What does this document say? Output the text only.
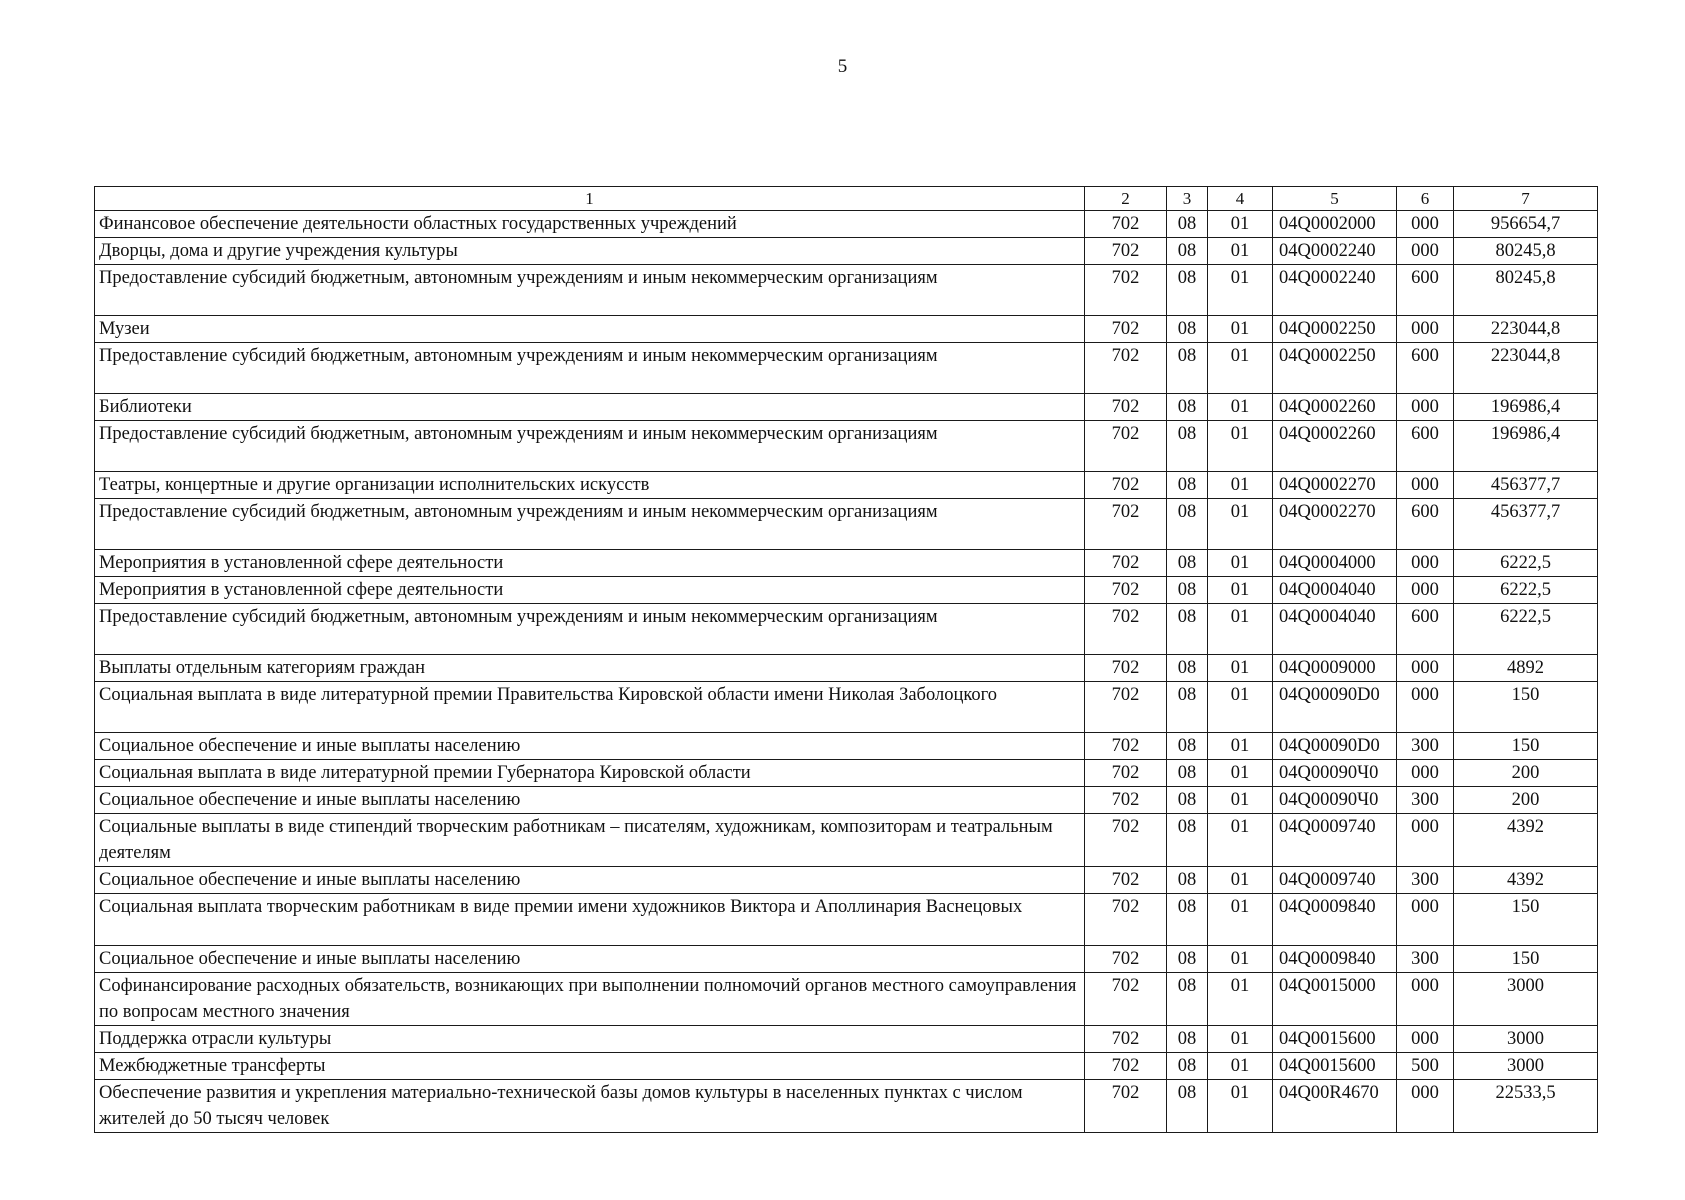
5
1	2	3	4	5	6	7
Финансовое обеспечение деятельности областных государственных учреждений	702	08	01	04Q0002000	000	956654,7
Дворцы, дома и другие учреждения культуры	702	08	01	04Q0002240	000	80245,8
Предоставление субсидий бюджетным, автономным учреждениям и иным некоммерческим организациям	702	08	01	04Q0002240	600	80245,8
Музеи	702	08	01	04Q0002250	000	223044,8
Предоставление субсидий бюджетным, автономным учреждениям и иным некоммерческим организациям	702	08	01	04Q0002250	600	223044,8
Библиотеки	702	08	01	04Q0002260	000	196986,4
Предоставление субсидий бюджетным, автономным учреждениям и иным некоммерческим организациям	702	08	01	04Q0002260	600	196986,4
Театры, концертные и другие организации исполнительских искусств	702	08	01	04Q0002270	000	456377,7
Предоставление субсидий бюджетным, автономным учреждениям и иным некоммерческим организациям	702	08	01	04Q0002270	600	456377,7
Мероприятия в установленной сфере деятельности	702	08	01	04Q0004000	000	6222,5
Мероприятия в установленной сфере деятельности	702	08	01	04Q0004040	000	6222,5
Предоставление субсидий бюджетным, автономным учреждениям и иным некоммерческим организациям	702	08	01	04Q0004040	600	6222,5
Выплаты отдельным категориям граждан	702	08	01	04Q0009000	000	4892
Социальная выплата в виде литературной премии Правительства Кировской области имени Николая Заболоцкого	702	08	01	04Q00090D0	000	150
Социальное обеспечение и иные выплаты населению	702	08	01	04Q00090D0	300	150
Социальная выплата в виде литературной премии Губернатора Кировской области	702	08	01	04Q00090Ч0	000	200
Социальное обеспечение и иные выплаты населению	702	08	01	04Q00090Ч0	300	200
Социальные выплаты в виде стипендий творческим работникам – писателям, художникам, композиторам и театральным деятелям	702	08	01	04Q0009740	000	4392
Социальное обеспечение и иные выплаты населению	702	08	01	04Q0009740	300	4392
Социальная выплата творческим работникам в виде премии имени художников Виктора и Аполлинария Васнецовых	702	08	01	04Q0009840	000	150
Социальное обеспечение и иные выплаты населению	702	08	01	04Q0009840	300	150
Софинансирование расходных обязательств, возникающих при выполнении полномочий органов местного самоуправления по вопросам местного значения	702	08	01	04Q0015000	000	3000
Поддержка отрасли культуры	702	08	01	04Q0015600	000	3000
Межбюджетные трансферты	702	08	01	04Q0015600	500	3000
Обеспечение развития и укрепления материально-технической базы домов культуры в населенных пунктах с числом жителей до 50 тысяч человек	702	08	01	04Q00R4670	000	22533,5
